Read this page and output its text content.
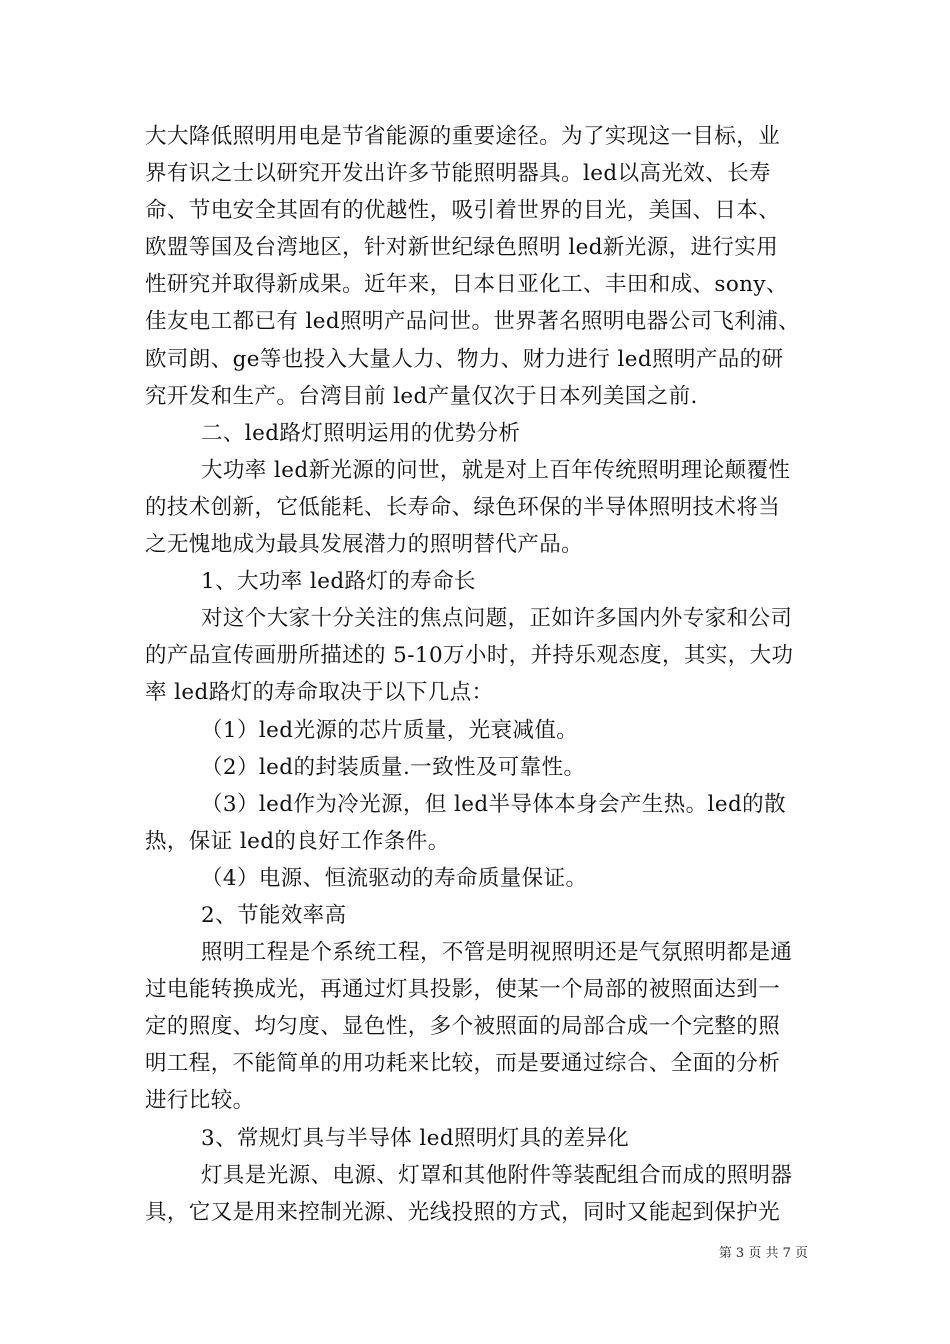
大大降低照明用电是节省能源的重要途径。为了实现这一目标，业
界有识之士以研究开发出许多节能照明器具。led以高光效、长寿
命、节电安全其固有的优越性，吸引着世界的目光，美国、日本、
欧盟等国及台湾地区，针对新世纪绿色照明 led新光源，进行实用
性研究并取得新成果。近年来，日本日亚化工、丰田和成、sony、
佳友电工都已有 led照明产品问世。世界著名照明电器公司飞利浦、
欧司朗、ge等也投入大量人力、物力、财力进行 led照明产品的研
究开发和生产。台湾目前 led产量仅次于日本列美国之前.
二、led路灯照明运用的优势分析
大功率 led新光源的问世，就是对上百年传统照明理论颠覆性
的技术创新，它低能耗、长寿命、绿色环保的半导体照明技术将当
之无愧地成为最具发展潜力的照明替代产品。
1、大功率 led路灯的寿命长
对这个大家十分关注的焦点问题，正如许多国内外专家和公司
的产品宣传画册所描述的 5-10万小时，并持乐观态度，其实，大功
率 led路灯的寿命取决于以下几点：
（1）led光源的芯片质量，光衰减值。
（2）led的封装质量.一致性及可靠性。
（3）led作为冷光源，但 led半导体本身会产生热。led的散
热，保证 led的良好工作条件。
（4）电源、恒流驱动的寿命质量保证。
2、节能效率高
照明工程是个系统工程，不管是明视照明还是气氛照明都是通
过电能转换成光，再通过灯具投影，使某一个局部的被照面达到一
定的照度、均匀度、显色性，多个被照面的局部合成一个完整的照
明工程，不能简单的用功耗来比较，而是要通过综合、全面的分析
进行比较。
3、常规灯具与半导体 led照明灯具的差异化
灯具是光源、电源、灯罩和其他附件等装配组合而成的照明器
具，它又是用来控制光源、光线投照的方式，同时又能起到保护光
第 3 页 共 7 页
